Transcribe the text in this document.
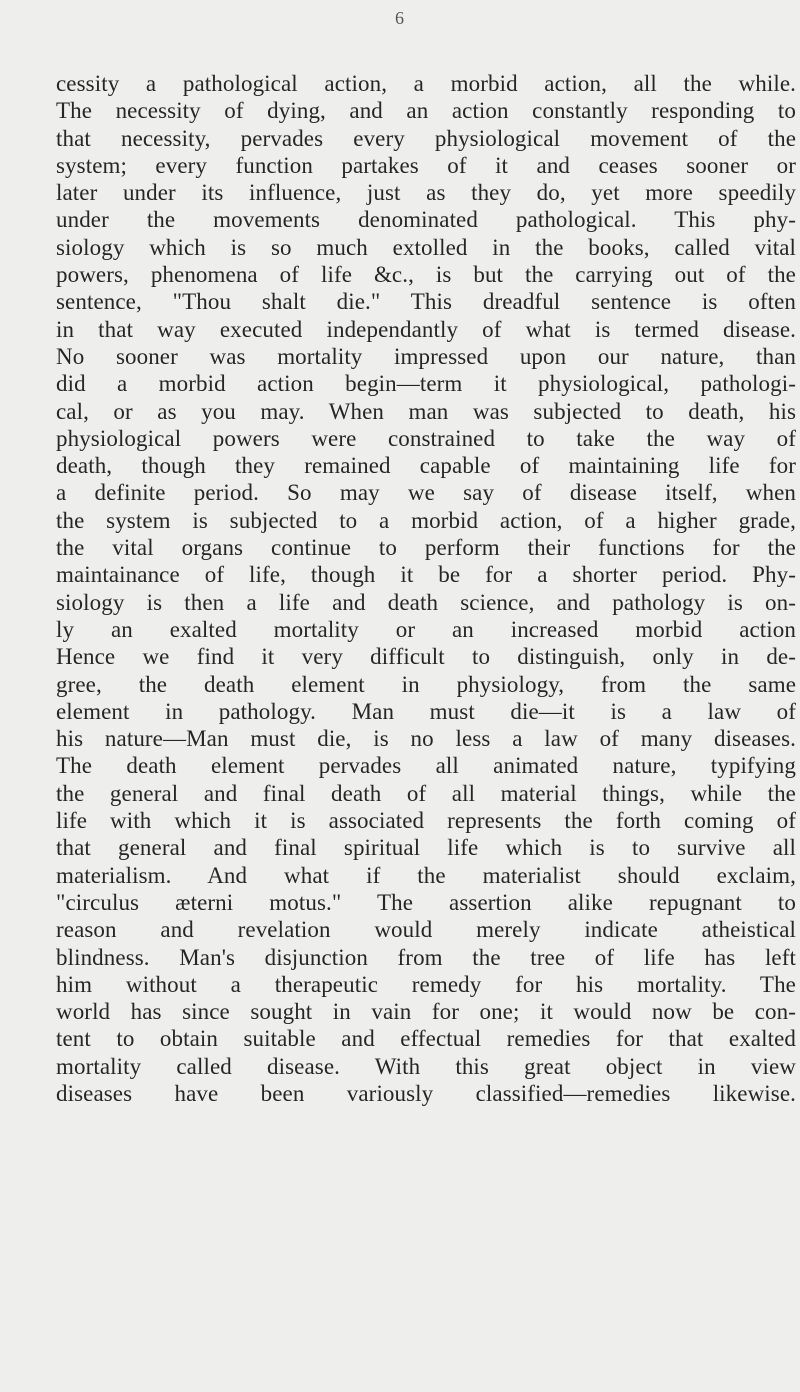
6
cessity a pathological action, a morbid action, all the while.
The necessity of dying, and an action constantly responding to
that necessity, pervades every physiological movement of the
system; every function partakes of it and ceases sooner or
later under its influence, just as they do, yet more speedily
under the movements denominated pathological. This phy-
siology which is so much extolled in the books, called vital
powers, phenomena of life &c., is but the carrying out of the
sentence, "Thou shalt die." This dreadful sentence is often
in that way executed independantly of what is termed disease.
No sooner was mortality impressed upon our nature, than
did a morbid action begin—term it physiological, pathologi-
cal, or as you may. When man was subjected to death, his
physiological powers were constrained to take the way of
death, though they remained capable of maintaining life for
a definite period. So may we say of disease itself, when
the system is subjected to a morbid action, of a higher grade,
the vital organs continue to perform their functions for the
maintainance of life, though it be for a shorter period. Phy-
siology is then a life and death science, and pathology is on-
ly an exalted mortality or an increased morbid action
Hence we find it very difficult to distinguish, only in de-
gree, the death element in physiology, from the same
element in pathology. Man must die—it is a law of
his nature—Man must die, is no less a law of many diseases.
The death element pervades all animated nature, typifying
the general and final death of all material things, while the
life with which it is associated represents the forth coming of
that general and final spiritual life which is to survive all
materialism. And what if the materialist should exclaim,
"circulus æterni motus." The assertion alike repugnant to
reason and revelation would merely indicate atheistical
blindness. Man's disjunction from the tree of life has left
him without a therapeutic remedy for his mortality. The
world has since sought in vain for one; it would now be con-
tent to obtain suitable and effectual remedies for that exalted
mortality called disease. With this great object in view
diseases have been variously classified—remedies likewise.
